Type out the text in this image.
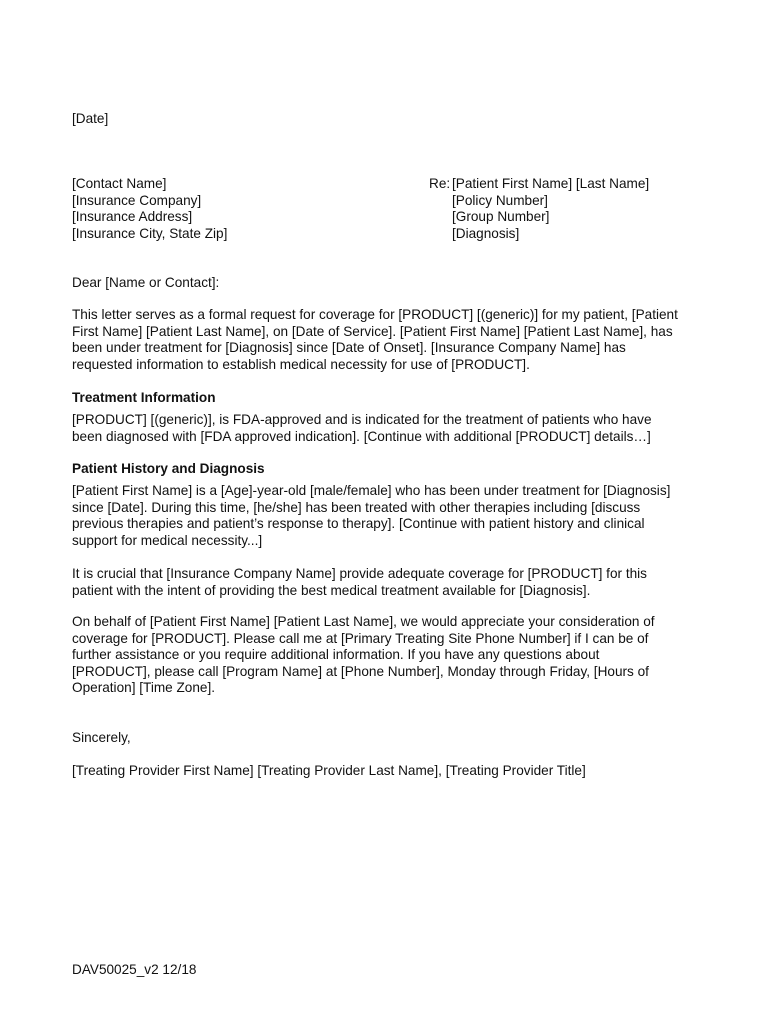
[Date]
[Contact Name]
[Insurance Company]
[Insurance Address]
[Insurance City, State Zip]
Re: [Patient First Name] [Last Name]
[Policy Number]
[Group Number]
[Diagnosis]
Dear [Name or Contact]:
This letter serves as a formal request for coverage for [PRODUCT] [(generic)] for my patient, [Patient
First Name] [Patient Last Name], on [Date of Service]. [Patient First Name] [Patient Last Name], has
been under treatment for [Diagnosis] since [Date of Onset]. [Insurance Company Name] has
requested information to establish medical necessity for use of [PRODUCT].
Treatment Information
[PRODUCT] [(generic)], is FDA-approved and is indicated for the treatment of patients who have
been diagnosed with [FDA approved indication]. [Continue with additional [PRODUCT] details…]
Patient History and Diagnosis
[Patient First Name] is a [Age]-year-old [male/female] who has been under treatment for [Diagnosis]
since [Date]. During this time, [he/she] has been treated with other therapies including [discuss
previous therapies and patient’s response to therapy]. [Continue with patient history and clinical
support for medical necessity...]
It is crucial that [Insurance Company Name] provide adequate coverage for [PRODUCT] for this
patient with the intent of providing the best medical treatment available for [Diagnosis].
On behalf of [Patient First Name] [Patient Last Name], we would appreciate your consideration of
coverage for [PRODUCT]. Please call me at [Primary Treating Site Phone Number] if I can be of
further assistance or you require additional information. If you have any questions about
[PRODUCT], please call [Program Name] at [Phone Number], Monday through Friday, [Hours of
Operation] [Time Zone].
Sincerely,
[Treating Provider First Name] [Treating Provider Last Name], [Treating Provider Title]
DAV50025_v2 12/18
